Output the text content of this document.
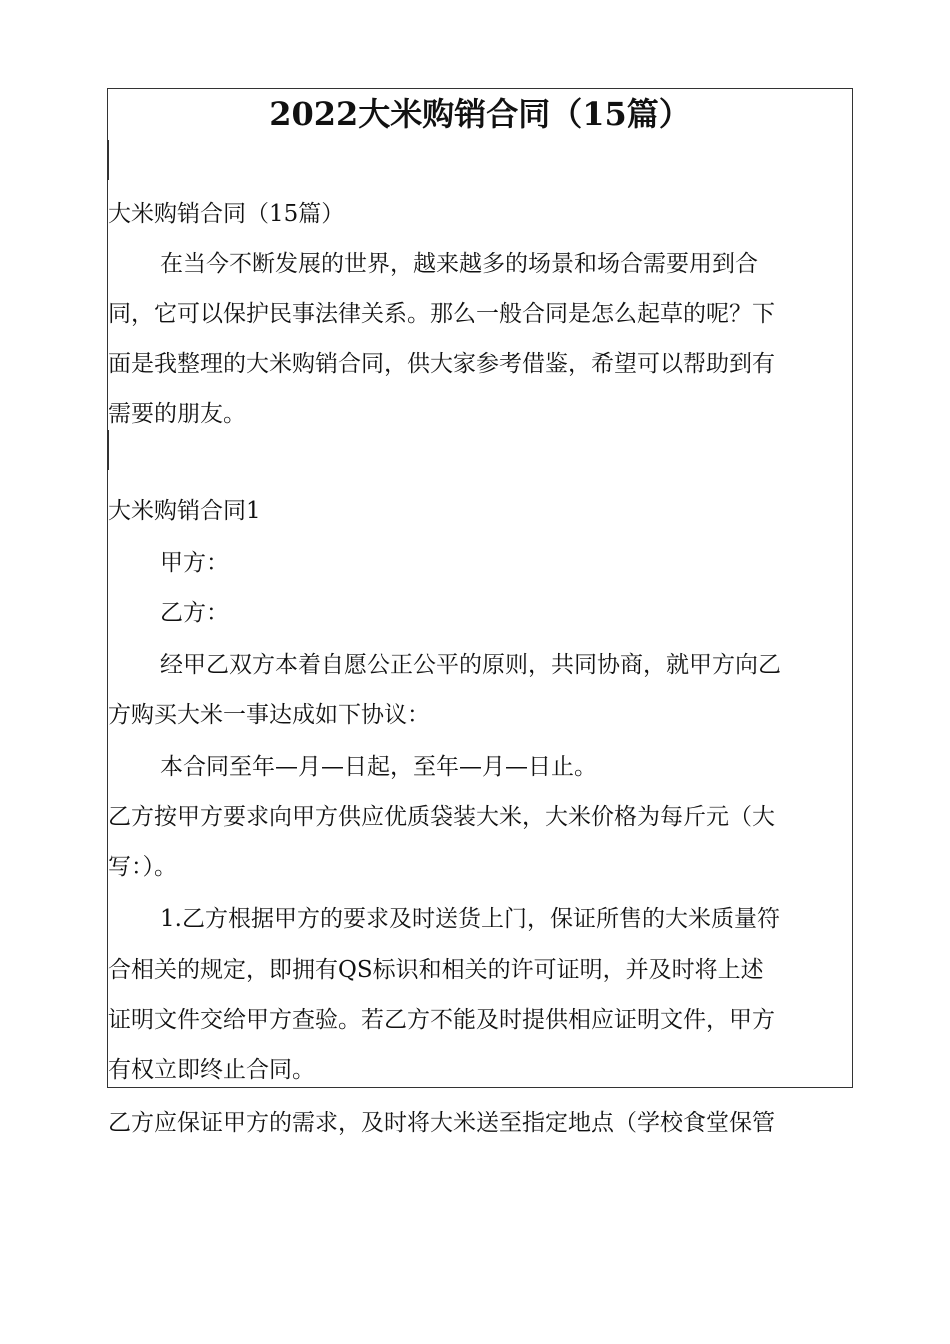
2022大米购销合同（15篇）
大米购销合同（15篇）
在当今不断发展的世界，越来越多的场景和场合需要用到合
同，它可以保护民事法律关系。那么一般合同是怎么起草的呢？下
面是我整理的大米购销合同，供大家参考借鉴，希望可以帮助到有
需要的朋友。
大米购销合同1
甲方：
乙方：
经甲乙双方本着自愿公正公平的原则，共同协商，就甲方向乙
方购买大米一事达成如下协议：
本合同至年—月—日起，至年—月—日止。
乙方按甲方要求向甲方供应优质袋装大米，大米价格为每斤元（大
写：）。
1.乙方根据甲方的要求及时送货上门，保证所售的大米质量符
合相关的规定，即拥有QS标识和相关的许可证明，并及时将上述
证明文件交给甲方查验。若乙方不能及时提供相应证明文件，甲方
有权立即终止合同。
乙方应保证甲方的需求，及时将大米送至指定地点（学校食堂保管
